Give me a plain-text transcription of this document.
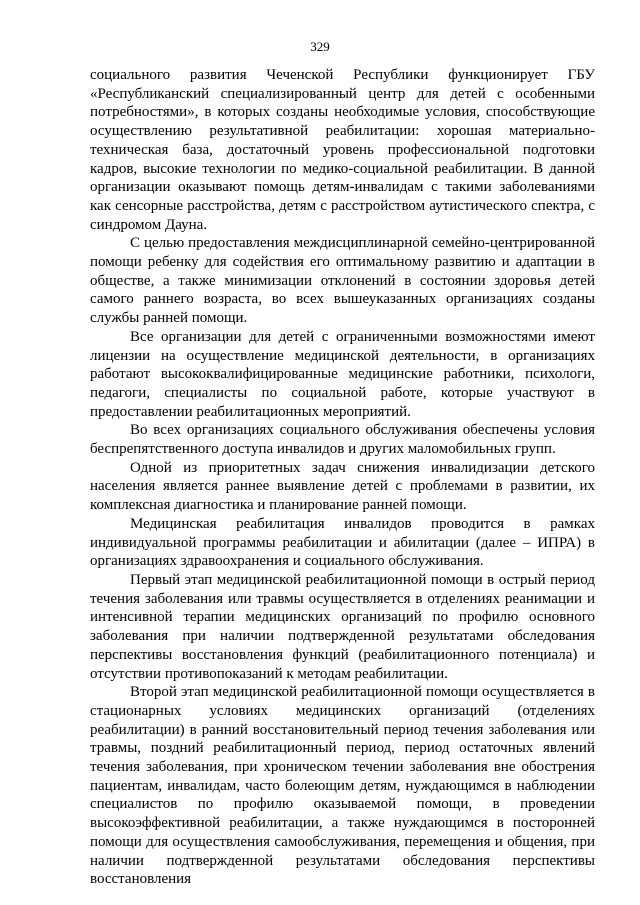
329

социального развития Чеченской Республики функционирует ГБУ «Республиканский специализированный центр для детей с особенными потребностями», в которых созданы необходимые условия, способствующие осуществлению результативной реабилитации: хорошая материально-техническая база, достаточный уровень профессиональной подготовки кадров, высокие технологии по медико-социальной реабилитации. В данной организации оказывают помощь детям-инвалидам с такими заболеваниями как сенсорные расстройства, детям с расстройством аутистического спектра, с синдромом Дауна.

С целью предоставления междисциплинарной семейно-центрированной помощи ребенку для содействия его оптимальному развитию и адаптации в обществе, а также минимизации отклонений в состоянии здоровья детей самого раннего возраста, во всех вышеуказанных организациях созданы службы ранней помощи.

Все организации для детей с ограниченными возможностями имеют лицензии на осуществление медицинской деятельности, в организациях работают высококвалифицированные медицинские работники, психологи, педагоги, специалисты по социальной работе, которые участвуют в предоставлении реабилитационных мероприятий.

Во всех организациях социального обслуживания обеспечены условия беспрепятственного доступа инвалидов и других маломобильных групп.

Одной из приоритетных задач снижения инвалидизации детского населения является раннее выявление детей с проблемами в развитии, их комплексная диагностика и планирование ранней помощи.

Медицинская реабилитация инвалидов проводится в рамках индивидуальной программы реабилитации и абилитации (далее – ИПРА) в организациях здравоохранения и социального обслуживания.

Первый этап медицинской реабилитационной помощи в острый период течения заболевания или травмы осуществляется в отделениях реанимации и интенсивной терапии медицинских организаций по профилю основного заболевания при наличии подтвержденной результатами обследования перспективы восстановления функций (реабилитационного потенциала) и отсутствии противопоказаний к методам реабилитации.

Второй этап медицинской реабилитационной помощи осуществляется в стационарных условиях медицинских организаций (отделениях реабилитации) в ранний восстановительный период течения заболевания или травмы, поздний реабилитационный период, период остаточных явлений течения заболевания, при хроническом течении заболевания вне обострения пациентам, инвалидам, часто болеющим детям, нуждающимся в наблюдении специалистов по профилю оказываемой помощи, в проведении высокоэффективной реабилитации, а также нуждающимся в посторонней помощи для осуществления самообслуживания, перемещения и общения, при наличии подтвержденной результатами обследования перспективы восстановления
